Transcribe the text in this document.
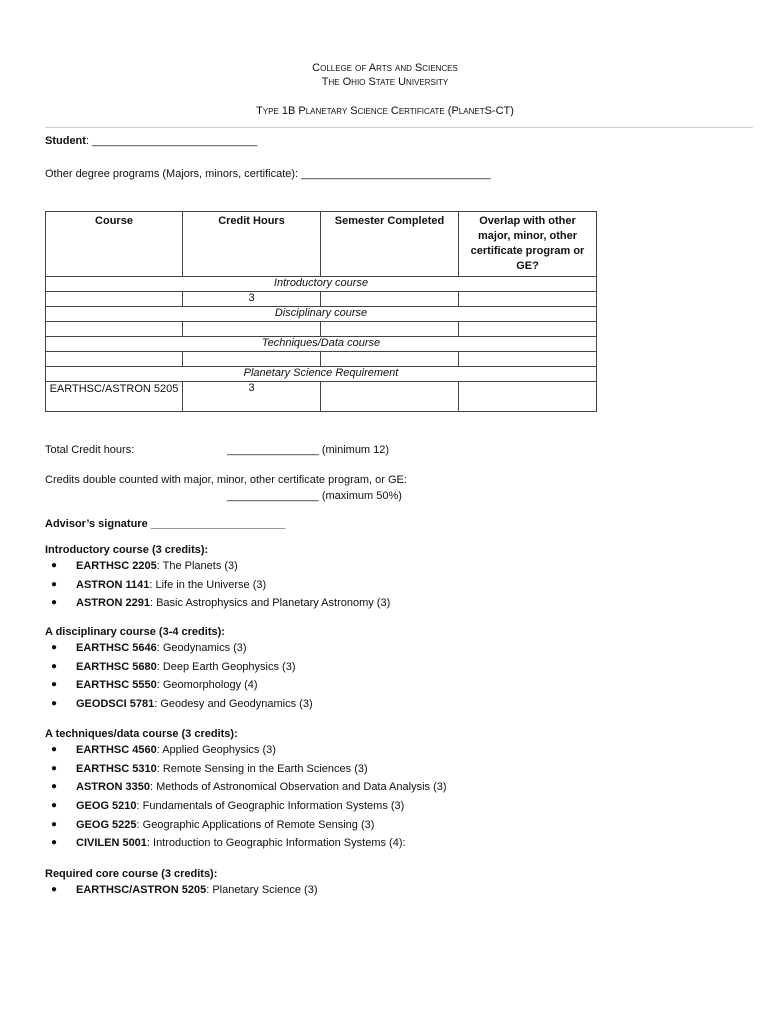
College of Arts and Sciences
The Ohio State University
Type 1B Planetary Science Certificate (PlanetS-CT)
Student: ___________________________
Other degree programs (Majors, minors, certificate): _______________________________
Course	Credit Hours	Semester Completed	Overlap with other major, minor, other certificate program or GE?
Introductory course			
	3		
Disciplinary course			

Techniques/Data course			

Planetary Science Requirement			
EARTHSC/ASTRON 5205	3		
Total Credit hours:	_______________ (minimum 12)
Credits double counted with major, minor, other certificate program, or GE:
_______________ (maximum 50%)
Advisor’s signature ______________________
Introductory course (3 credits):
● EARTHSC 2205: The Planets (3)
● ASTRON 1141: Life in the Universe (3)
● ASTRON 2291: Basic Astrophysics and Planetary Astronomy (3)
A disciplinary course (3-4 credits):
● EARTHSC 5646: Geodynamics (3)
● EARTHSC 5680: Deep Earth Geophysics (3)
● EARTHSC 5550: Geomorphology (4)
● GEODSCI 5781: Geodesy and Geodynamics (3)
A techniques/data course (3 credits):
● EARTHSC 4560: Applied Geophysics (3)
● EARTHSC 5310: Remote Sensing in the Earth Sciences (3)
● ASTRON 3350: Methods of Astronomical Observation and Data Analysis (3)
● GEOG 5210: Fundamentals of Geographic Information Systems (3)
● GEOG 5225: Geographic Applications of Remote Sensing (3)
● CIVILEN 5001: Introduction to Geographic Information Systems (4):
Required core course (3 credits):
● EARTHSC/ASTRON 5205: Planetary Science (3)
